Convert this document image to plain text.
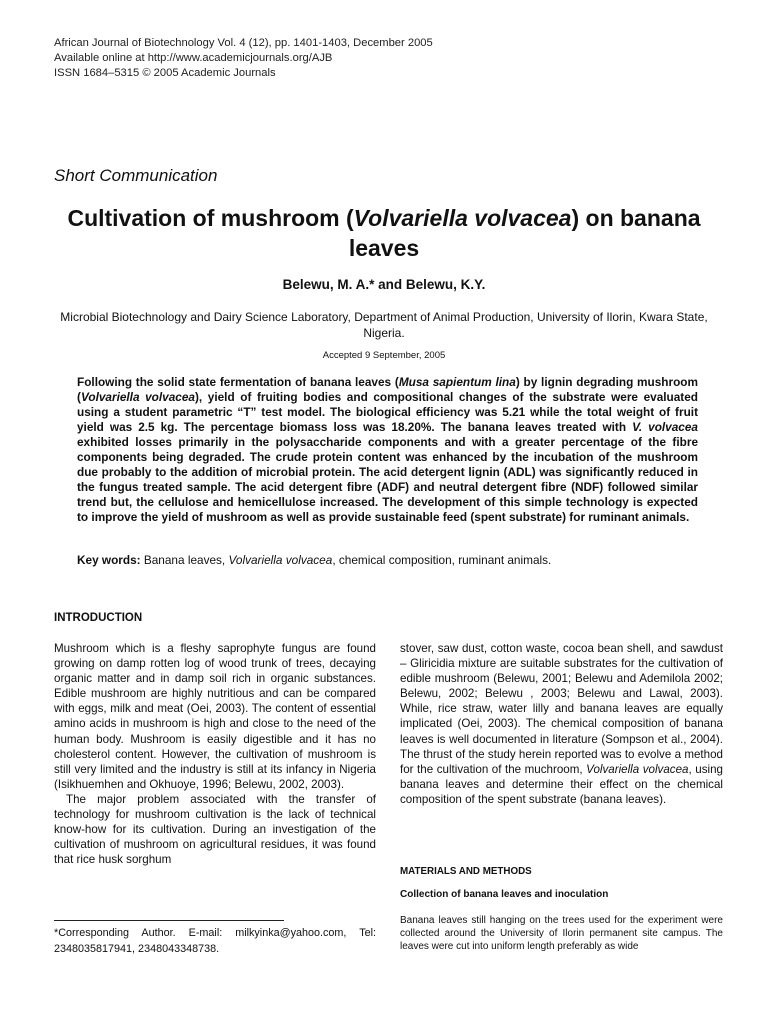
African Journal of Biotechnology Vol. 4 (12), pp. 1401-1403, December 2005
Available online at http://www.academicjournals.org/AJB
ISSN 1684–5315 © 2005 Academic Journals
Short Communication
Cultivation of mushroom (Volvariella volvacea) on banana leaves
Belewu, M. A.* and Belewu, K.Y.
Microbial Biotechnology and Dairy Science Laboratory, Department of Animal Production, University of Ilorin, Kwara State, Nigeria.
Accepted 9 September, 2005

Following the solid state fermentation of banana leaves (Musa sapientum lina) by lignin degrading mushroom (Volvariella volvacea), yield of fruiting bodies and compositional changes of the substrate were evaluated using a student parametric “T” test model. The biological efficiency was 5.21 while the total weight of fruit yield was 2.5 kg. The percentage biomass loss was 18.20%. The banana leaves treated with V. volvacea exhibited losses primarily in the polysaccharide components and with a greater percentage of the fibre components being degraded. The crude protein content was enhanced by the incubation of the mushroom due probably to the addition of microbial protein. The acid detergent lignin (ADL) was significantly reduced in the fungus treated sample. The acid detergent fibre (ADF) and neutral detergent fibre (NDF) followed similar trend but, the cellulose and hemicellulose increased. The development of this simple technology is expected to improve the yield of mushroom as well as provide sustainable feed (spent substrate) for ruminant animals.

Key words: Banana leaves, Volvariella volvacea, chemical composition, ruminant animals.
INTRODUCTION

Mushroom which is a fleshy saprophyte fungus are found growing on damp rotten log of wood trunk of trees, decaying organic matter and in damp soil rich in organic substances. Edible mushroom are highly nutritious and can be compared with eggs, milk and meat (Oei, 2003). The content of essential amino acids in mushroom is high and close to the need of the human body. Mushroom is easily digestible and it has no cholesterol content. However, the cultivation of mushroom is still very limited and the industry is still at its infancy in Nigeria (Isikhuemhen and Okhuoye, 1996; Belewu, 2002, 2003).

The major problem associated with the transfer of technology for mushroom cultivation is the lack of technical know-how for its cultivation. During an investigation of the cultivation of mushroom on agricultural residues, it was found that rice husk sorghum

stover, saw dust, cotton waste, cocoa bean shell, and sawdust – Gliricidia mixture are suitable substrates for the cultivation of edible mushroom (Belewu, 2001; Belewu and Ademilola 2002; Belewu, 2002; Belewu , 2003; Belewu and Lawal, 2003). While, rice straw, water lilly and banana leaves are equally implicated (Oei, 2003). The chemical composition of banana leaves is well documented in literature (Sompson et al., 2004). The thrust of the study herein reported was to evolve a method for the cultivation of the muchroom, Volvariella volvacea, using banana leaves and determine their effect on the chemical composition of the spent substrate (banana leaves).

MATERIALS AND METHODS
Collection of banana leaves and inoculation
Banana leaves still hanging on the trees used for the experiment were collected around the University of Ilorin permanent site campus. The leaves were cut into uniform length preferably as wide
*Corresponding Author. E-mail: milkyinka@yahoo.com, Tel: 2348035817941, 2348043348738.
